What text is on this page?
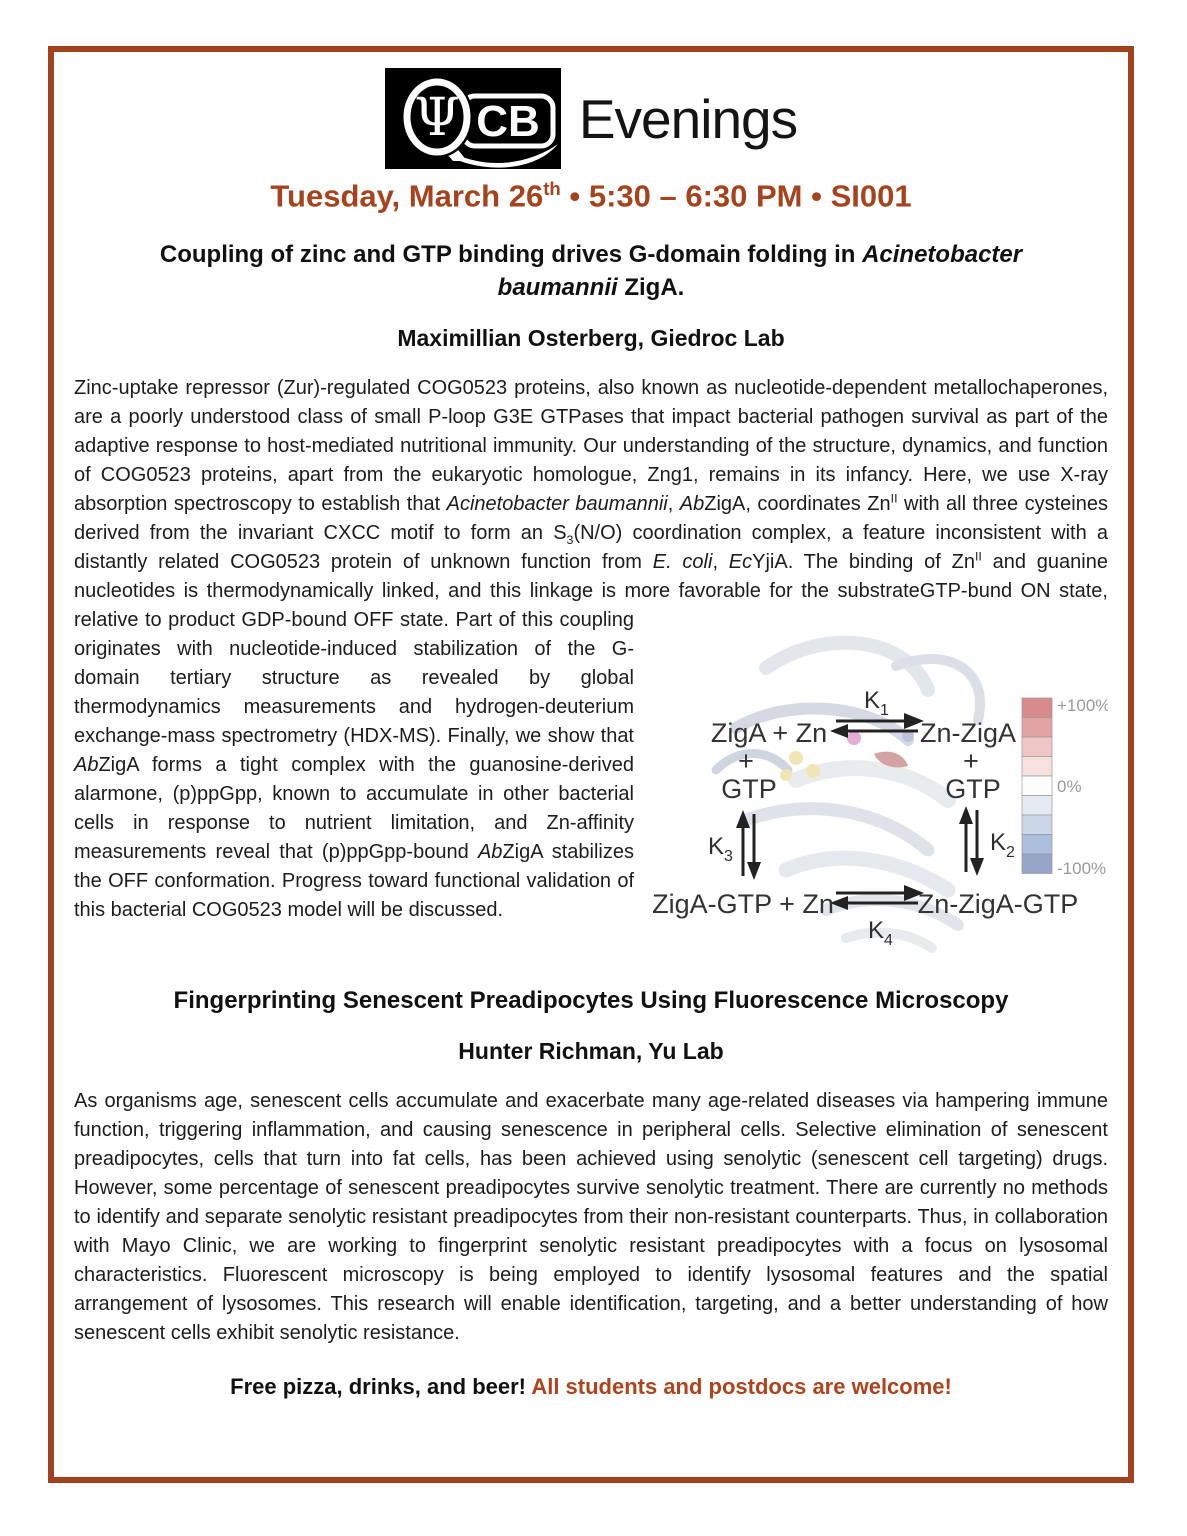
CB
Ψ Evenings
Tuesday, March 26th • 5:30 – 6:30 PM • SI001
Coupling of zinc and GTP binding drives G-domain folding in Acinetobacter baumannii ZigA.
Maximillian Osterberg, Giedroc Lab
Zinc-uptake repressor (Zur)-regulated COG0523 proteins, also known as nucleotide-dependent metallochaperones, are a poorly understood class of small P-loop G3E GTPases that impact bacterial pathogen survival as part of the adaptive response to host-mediated nutritional immunity. Our understanding of the structure, dynamics, and function of COG0523 proteins, apart from the eukaryotic homologue, Zng1, remains in its infancy. Here, we use X-ray absorption spectroscopy to establish that Acinetobacter baumannii, AbZigA, coordinates $Zn^{II}$ with all three cysteines derived from the invariant CXCC motif to form an $S_3(N/O)$ coordination complex, a feature inconsistent with a distantly related COG0523 protein of unknown function from E. coli, EcYjiA. The binding of $Zn^{II}$ and guanine nucleotides is thermodynamically linked, and this linkage is more favorable for the substrate
$K_1$
ZigA + Zn	Zn-ZigA
+	+
GTP	GTP
$K_3$
$K_2$
$K_4$
ZigA-GTP + Zn	Zn-ZigA-GTP
+100%
0%
-100%
GTP-bund ON state, relative to product GDP-bound OFF state. Part of this coupling originates with nucleotide-induced stabilization of the G-domain tertiary structure as revealed by global thermodynamics measurements and hydrogen-deuterium exchange-mass spectrometry (HDX-MS). Finally, we show that AbZigA forms a tight complex with the guanosine-derived alarmone, (p)ppGpp, known to accumulate in other bacterial cells in response to nutrient limitation, and Zn-affinity measurements reveal that (p)ppGpp-bound AbZigA stabilizes the OFF conformation. Progress toward functional validation of this bacterial COG0523 model will be discussed.
Fingerprinting Senescent Preadipocytes Using Fluorescence Microscopy
Hunter Richman, Yu Lab
As organisms age, senescent cells accumulate and exacerbate many age-related diseases via hampering immune function, triggering inflammation, and causing senescence in peripheral cells. Selective elimination of senescent preadipocytes, cells that turn into fat cells, has been achieved using senolytic (senescent cell targeting) drugs. However, some percentage of senescent preadipocytes survive senolytic treatment. There are currently no methods to identify and separate senolytic resistant preadipocytes from their non-resistant counterparts. Thus, in collaboration with Mayo Clinic, we are working to fingerprint senolytic resistant preadipocytes with a focus on lysosomal characteristics. Fluorescent microscopy is being employed to identify lysosomal features and the spatial arrangement of lysosomes. This research will enable identification, targeting, and a better understanding of how senescent cells exhibit senolytic resistance.
Free pizza, drinks, and beer! All students and postdocs are welcome!
